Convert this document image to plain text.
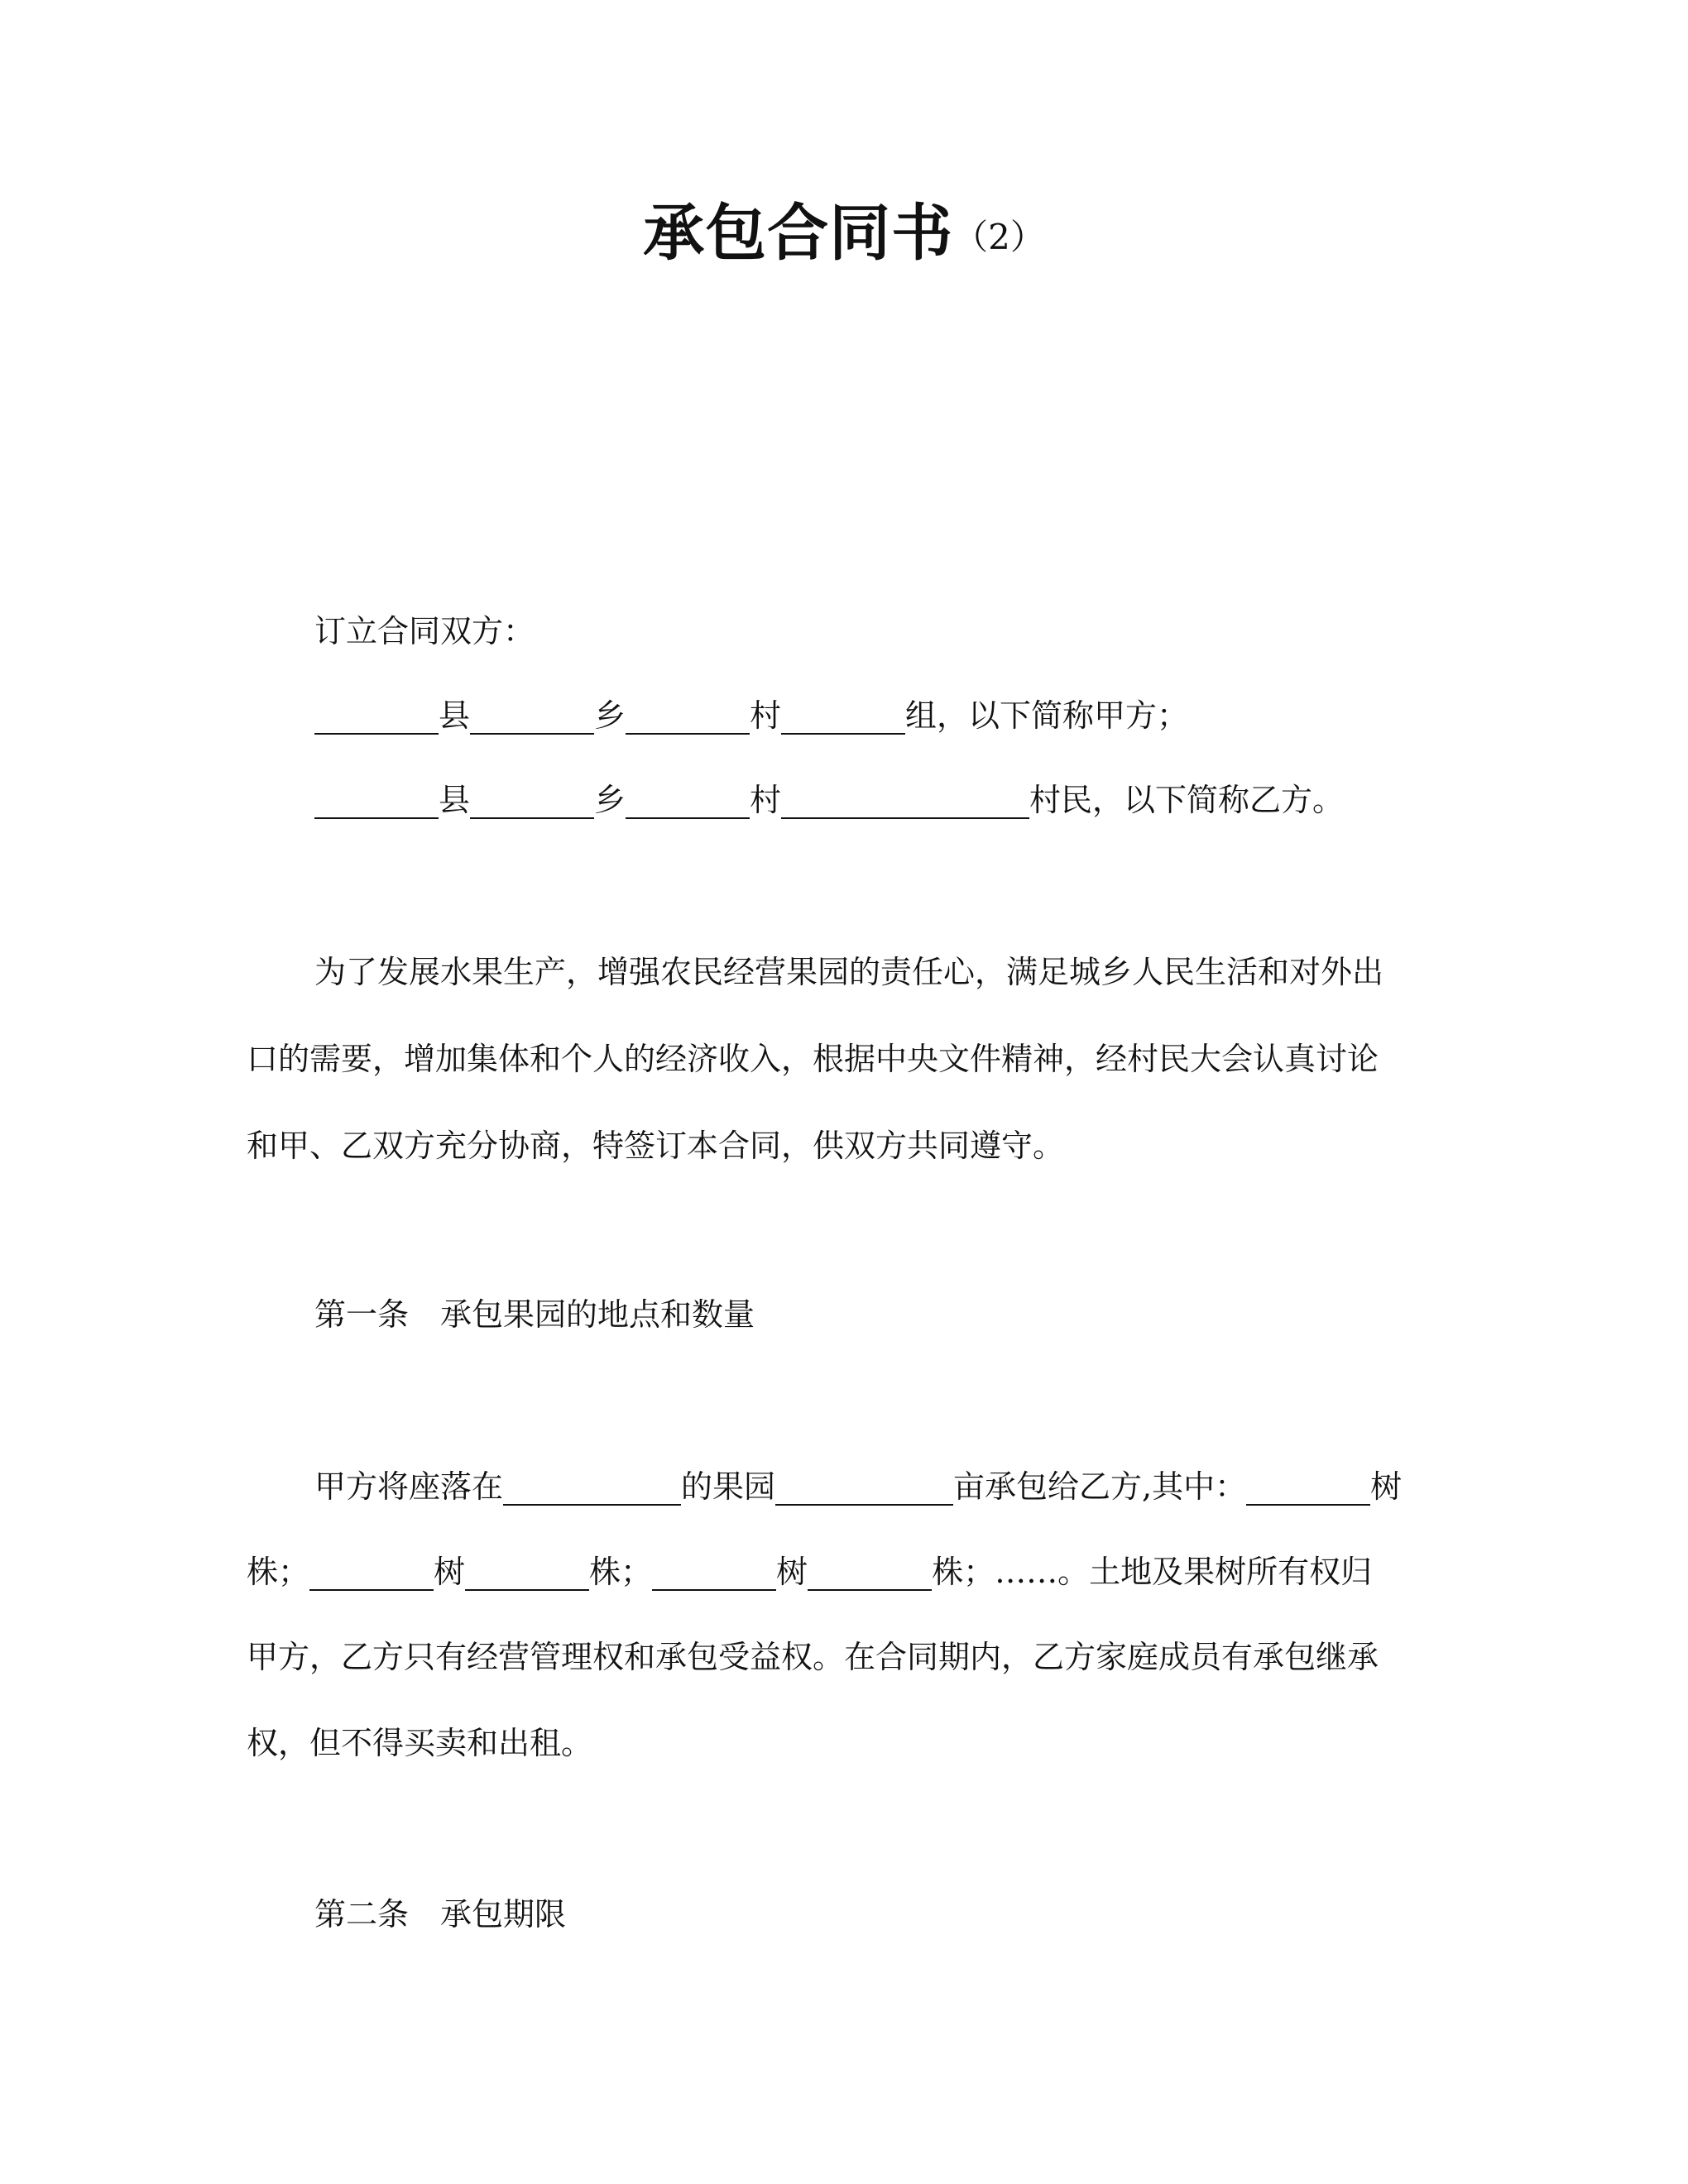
承包合同书（2）
订立合同双方：
县	乡	村	组，以下简称甲方；
县	乡	村	村民，以下简称乙方。
为了发展水果生产，增强农民经营果园的责任心，满足城乡人民生活和对外出
口的需要，增加集体和个人的经济收入，根据中央文件精神，经村民大会认真讨论
和甲、乙双方充分协商，特签订本合同，供双方共同遵守。
第一条　承包果园的地点和数量
甲方将座落在	的果园	亩承包给乙方,其中：	树
株；	树	株；	树	株；……。土地及果树所有权归
甲方，乙方只有经营管理权和承包受益权。在合同期内，乙方家庭成员有承包继承
权，但不得买卖和出租。
第二条　承包期限
